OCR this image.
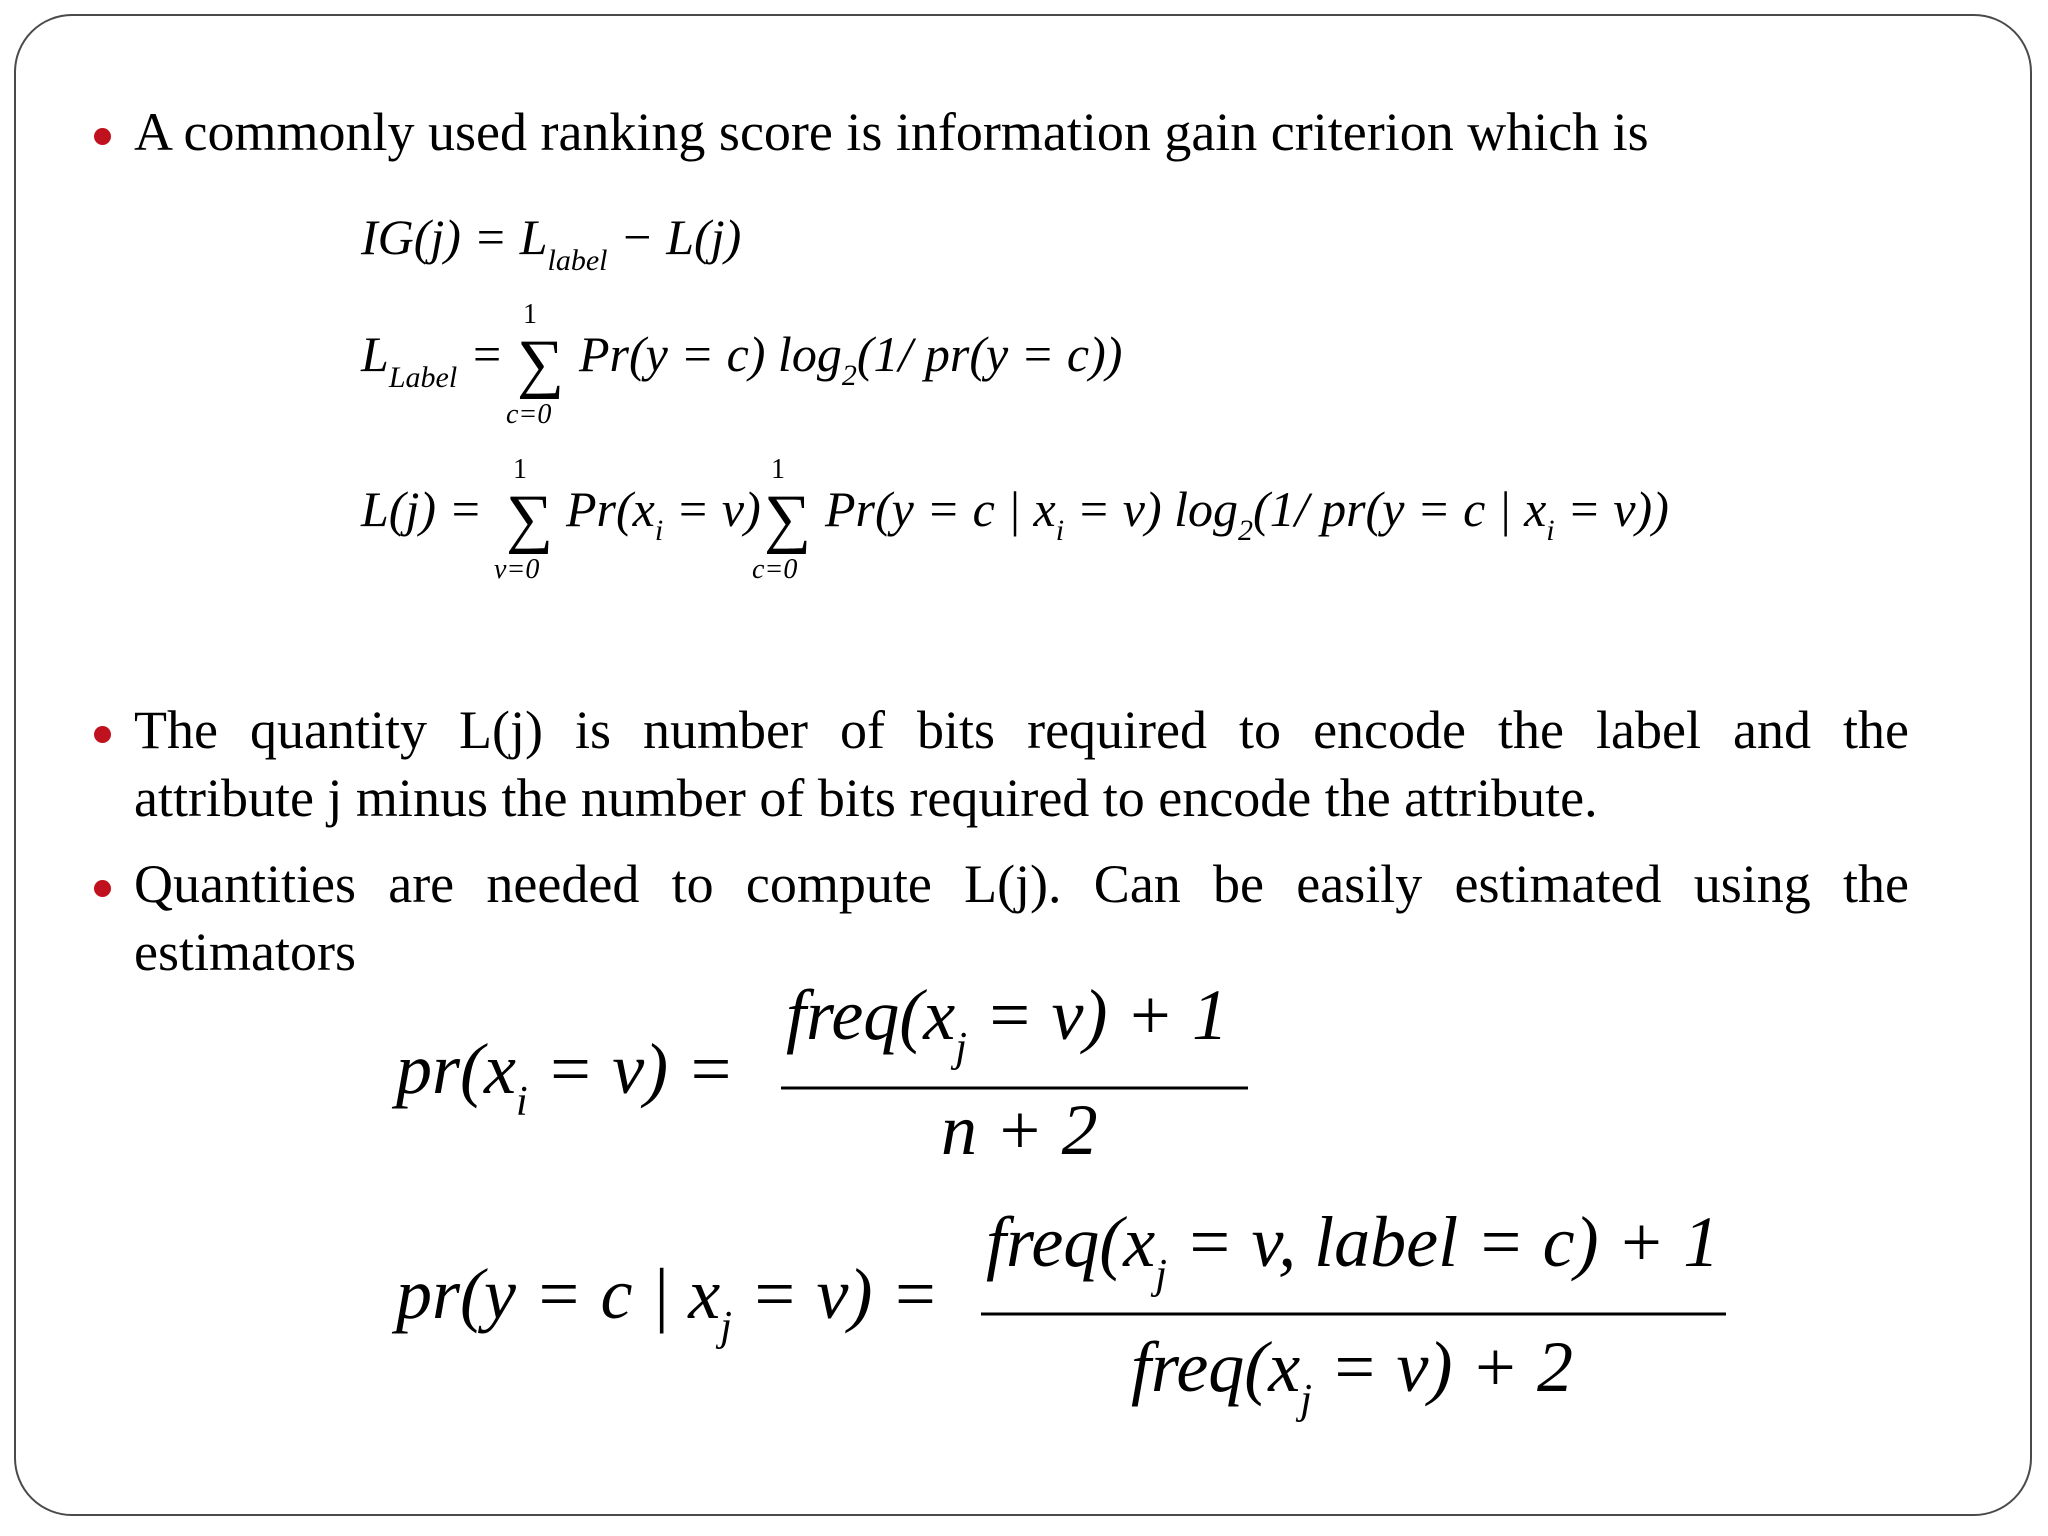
A commonly used ranking score is information gain criterion which is
The quantity L(j) is number of bits required to encode the label and the
attribute j minus the number of bits required to encode the attribute.
Quantities are needed to compute L(j). Can be easily estimated using the
estimators
$IG(j) = L_{label} - L(j)$
$L_{Label}$ =
1
∑
c=0
Pr(y = c) $\log_2(1/$ pr(y = c))
L(j) =
1
∑
v=0
$Pr(x_i = v)$
1
∑
c=0
Pr(y = c | $x_i = v$) $\log_2(1/$ pr(y = c | $x_i = v$))
$pr(x_i = v)$ =
$freq(x_j = v) + 1$
n + 2
pr(y = c | $x_j = v$) =
$freq(x_j = v$, label = c) + 1
$freq(x_j = v) + 2$
